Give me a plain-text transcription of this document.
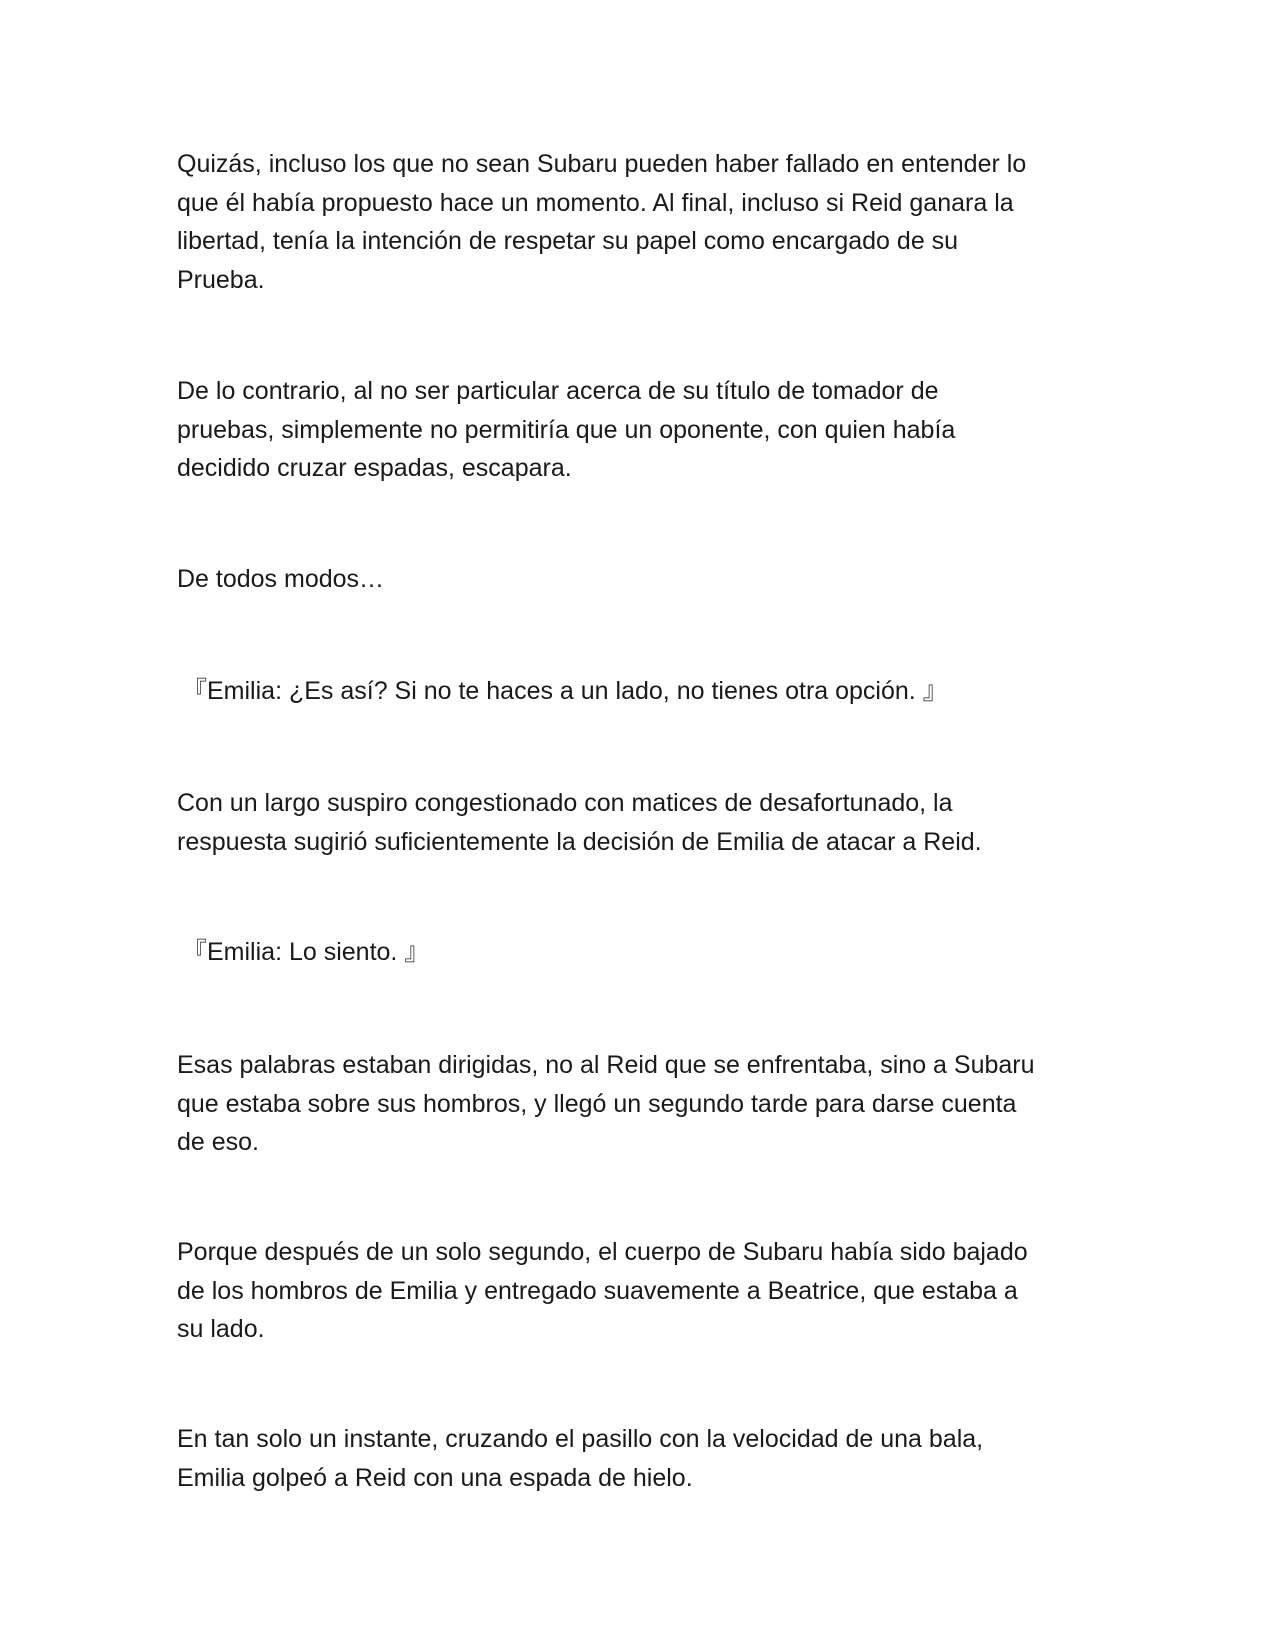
Quizás, incluso los que no sean Subaru pueden haber fallado en entender lo
que él había propuesto hace un momento. Al final, incluso si Reid ganara la
libertad, tenía la intención de respetar su papel como encargado de su
Prueba.

De lo contrario, al no ser particular acerca de su título de tomador de
pruebas, simplemente no permitiría que un oponente, con quien había
decidido cruzar espadas, escapara.

De todos modos…

『Emilia: ¿Es así? Si no te haces a un lado, no tienes otra opción. 』

Con un largo suspiro congestionado con matices de desafortunado, la
respuesta sugirió suficientemente la decisión de Emilia de atacar a Reid.

『Emilia: Lo siento. 』

Esas palabras estaban dirigidas, no al Reid que se enfrentaba, sino a Subaru
que estaba sobre sus hombros, y llegó un segundo tarde para darse cuenta
de eso.

Porque después de un solo segundo, el cuerpo de Subaru había sido bajado
de los hombros de Emilia y entregado suavemente a Beatrice, que estaba a
su lado.

En tan solo un instante, cruzando el pasillo con la velocidad de una bala,
Emilia golpeó a Reid con una espada de hielo.
